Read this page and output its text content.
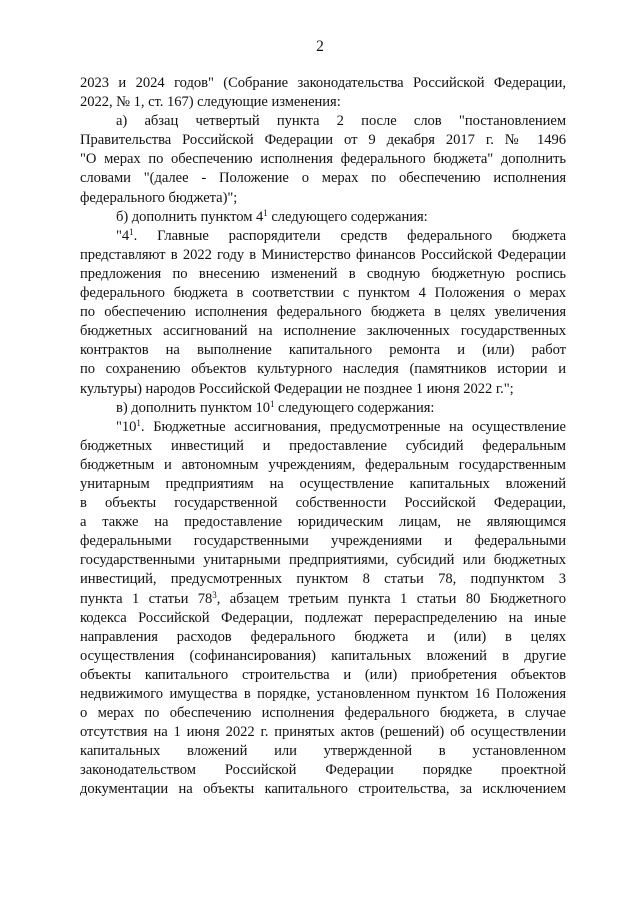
2
2023 и 2024 годов" (Собрание законодательства Российской Федерации,
2022, № 1, ст. 167) следующие изменения:
а) абзац четвертый пункта 2 после слов "постановлением
Правительства Российской Федерации от 9 декабря 2017 г. № 1496
"О мерах по обеспечению исполнения федерального бюджета" дополнить
словами "(далее - Положение о мерах по обеспечению исполнения
федерального бюджета)";
б) дополнить пунктом $4^1$ следующего содержания:
"$4^1$. Главные распорядители средств федерального бюджета
представляют в 2022 году в Министерство финансов Российской Федерации
предложения по внесению изменений в сводную бюджетную роспись
федерального бюджета в соответствии с пунктом 4 Положения о мерах
по обеспечению исполнения федерального бюджета в целях увеличения
бюджетных ассигнований на исполнение заключенных государственных
контрактов на выполнение капитального ремонта и (или) работ
по сохранению объектов культурного наследия (памятников истории и
культуры) народов Российской Федерации не позднее 1 июня 2022 г.";
в) дополнить пунктом $10^1$ следующего содержания:
"$10^1$. Бюджетные ассигнования, предусмотренные на осуществление
бюджетных инвестиций и предоставление субсидий федеральным
бюджетным и автономным учреждениям, федеральным государственным
унитарным предприятиям на осуществление капитальных вложений
в объекты государственной собственности Российской Федерации,
а также на предоставление юридическим лицам, не являющимся
федеральными государственными учреждениями и федеральными
государственными унитарными предприятиями, субсидий или бюджетных
инвестиций, предусмотренных пунктом 8 статьи 78, подпунктом 3
пункта 1 статьи $78^3$, абзацем третьим пункта 1 статьи 80 Бюджетного
кодекса Российской Федерации, подлежат перераспределению на иные
направления расходов федерального бюджета и (или) в целях
осуществления (софинансирования) капитальных вложений в другие
объекты капитального строительства и (или) приобретения объектов
недвижимого имущества в порядке, установленном пунктом 16 Положения
о мерах по обеспечению исполнения федерального бюджета, в случае
отсутствия на 1 июня 2022 г. принятых актов (решений) об осуществлении
капитальных вложений или утвержденной в установленном
законодательством Российской Федерации порядке проектной
документации на объекты капитального строительства, за исключением
